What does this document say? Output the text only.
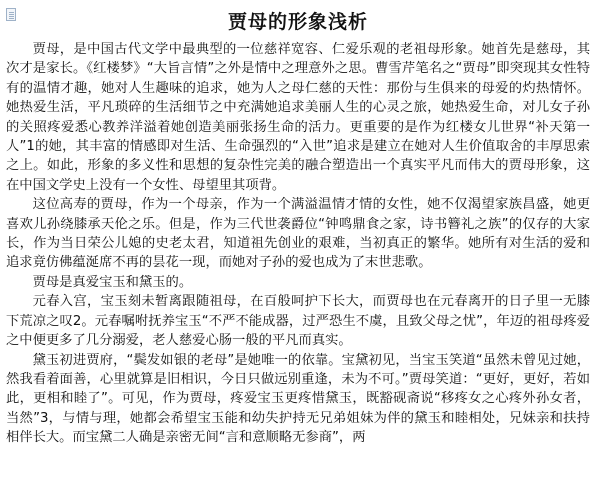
贾母的形象浅析

贾母，是中国古代文学中最典型的一位慈祥宽容、仁爱乐观的老祖母形象。她首先是慈母，其次才是家长。《红楼梦》“大旨言情”之外是情中之理意外之思。曹雪芹笔名之“贾母”即突现其女性特有的温情才趣，她对人生趣味的追求，她为人之母仁慈的天性：那份与生俱来的母爱的灼热情怀。她热爱生活，平凡琐碎的生活细节之中充满她追求美丽人生的心灵之旅，她热爱生命，对儿女子孙的关照疼爱悉心教养洋溢着她创造美丽张扬生命的活力。更重要的是作为红楼女儿世界“补天第一人”1的她，其丰富的情感即对生活、生命强烈的“入世”追求是建立在她对人生价值取舍的丰厚思索之上。如此，形象的多义性和思想的复杂性完美的融合塑造出一个真实平凡而伟大的贾母形象，这在中国文学史上没有一个女性、母望里其项背。

这位高寿的贾母，作为一个母亲，作为一个满溢温情才情的女性，她不仅渴望家族昌盛，她更喜欢儿孙绕膝承天伦之乐。但是，作为三代世袭爵位“钟鸣鼎食之家，诗书簪礼之族”的仅存的大家长，作为当日荣公儿媳的史老太君，知道祖先创业的艰难，当初真正的繁华。她所有对生活的爱和追求竟仿佛蕴涎席不再的昙花一现，而她对子孙的爱也成为了末世悲歌。

贾母是真爱宝玉和黛玉的。

元春入宫，宝玉刻未暂离跟随祖母，在百般呵护下长大，而贾母也在元春离开的日子里一无膝下荒凉之叹2。元春嘱咐抚养宝玉“不严不能成器，过严恐生不虞，且致父母之忧”，年迈的祖母疼爱之中便更多了几分溺爱，老人慈爱心肠一般的平凡而真实。

黛玉初进贾府，“鬓发如银的老母”是她唯一的依靠。宝黛初见，当宝玉笑道“虽然未曾见过她，然我看着面善，心里就算是旧相识，今日只做远别重逢，未为不可。”贾母笑道：“更好，更好，若如此，更相和睦了”。可见，作为贾母，疼爱宝玉更疼惜黛玉，既豁砚斋说“移疼女之心疼外孙女者，当然”3，与情与理，她都会希望宝玉能和幼失护持无兄弟姐妹为伴的黛玉和睦相处，兄妹亲和扶持相伴长大。而宝黛二人确是亲密无间“言和意顺略无参商”，两
